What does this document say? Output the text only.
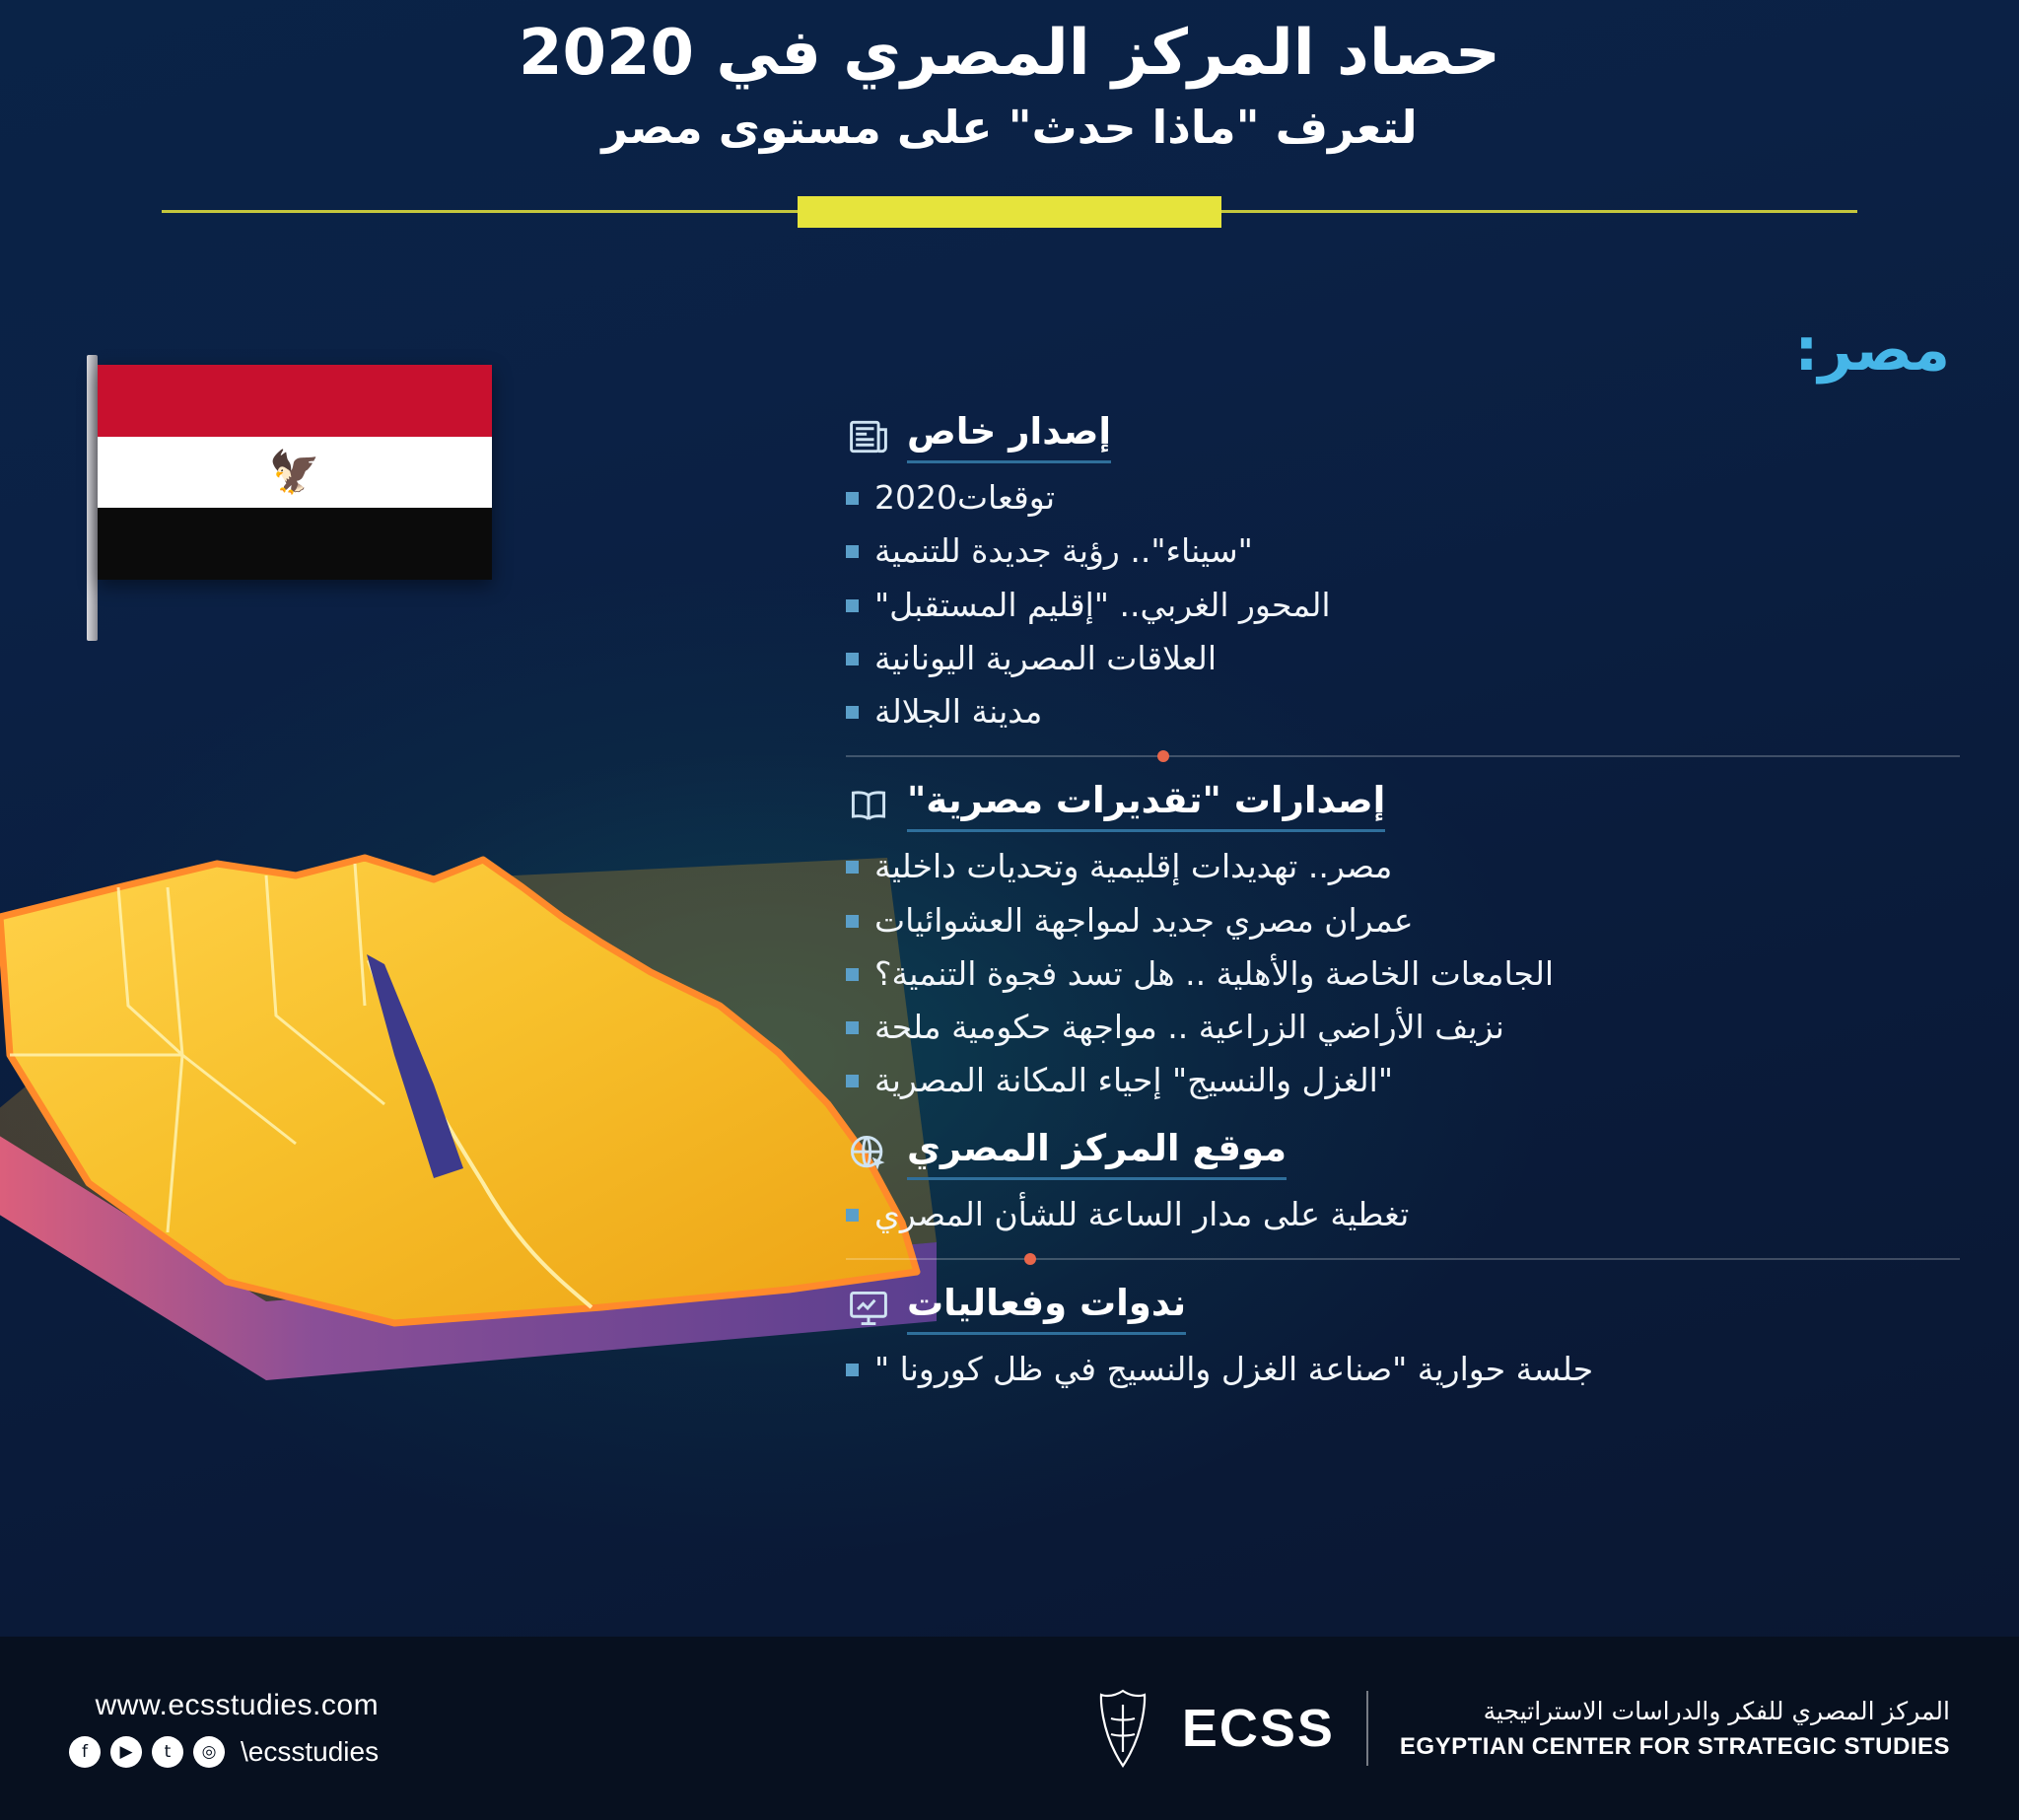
حصاد المركز المصري في 2020
لتعرف "ماذا حدث" على مستوى مصر
🦅
مصر:
إصدار خاص
توقعات2020
"سيناء".. رؤية جديدة للتنمية
المحور الغربي.. "إقليم المستقبل"
العلاقات المصرية اليونانية
مدينة الجلالة
إصدارات "تقديرات مصرية"
مصر.. تهديدات إقليمية وتحديات داخلية
عمران مصري جديد لمواجهة العشوائيات
الجامعات الخاصة والأهلية .. هل تسد فجوة التنمية؟
نزيف الأراضي الزراعية .. مواجهة حكومية ملحة
"الغزل والنسيج" إحياء المكانة المصرية
موقع المركز المصري
تغطية على مدار الساعة للشأن المصري
ندوات وفعاليات
جلسة حوارية "صناعة الغزل والنسيج في ظل كورونا "
ECSS	المركز المصري للفكر والدراسات الاستراتيجية
EGYPTIAN CENTER FOR STRATEGIC STUDIES
www.ecsstudies.com
f	▶	t	◎ \ecsstudies
